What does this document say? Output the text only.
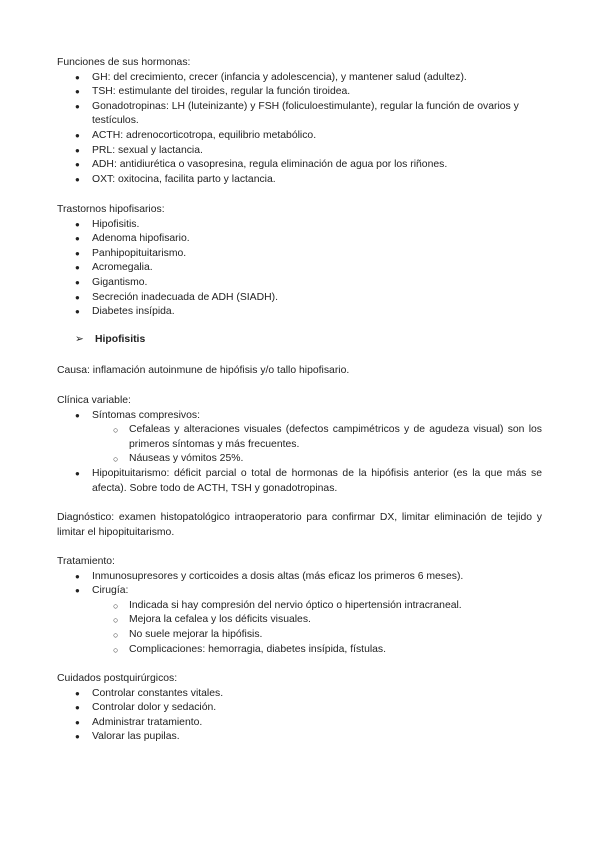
Funciones de sus hormonas:

● GH: del crecimiento, crecer (infancia y adolescencia), y mantener salud (adultez).
● TSH: estimulante del tiroides, regular la función tiroidea.
● Gonadotropinas: LH (luteinizante) y FSH (foliculoestimulante), regular la función de ovarios y testículos.
● ACTH: adrenocorticotropa, equilibrio metabólico.
● PRL: sexual y lactancia.
● ADH: antidiurética o vasopresina, regula eliminación de agua por los riñones.
● OXT: oxitocina, facilita parto y lactancia.

Trastornos hipofisarios:

● Hipofisitis.
● Adenoma hipofisario.
● Panhipopituitarismo.
● Acromegalia.
● Gigantismo.
● Secreción inadecuada de ADH (SIADH).
● Diabetes insípida.
➢ Hipofisitis

Causa: inflamación autoinmune de hipófisis y/o tallo hipofisario.

Clínica variable:

● Síntomas compresivos:
○ Cefaleas y alteraciones visuales (defectos campimétricos y de agudeza visual) son los primeros síntomas y más frecuentes.
○ Náuseas y vómitos 25%.
● Hipopituitarismo: déficit parcial o total de hormonas de la hipófisis anterior (es la que más se afecta). Sobre todo de ACTH, TSH y gonadotropinas.

Diagnóstico: examen histopatológico intraoperatorio para confirmar DX, limitar eliminación de tejido y limitar el hipopituitarismo.

Tratamiento:

● Inmunosupresores y corticoides a dosis altas (más eficaz los primeros 6 meses).
● Cirugía:
○ Indicada si hay compresión del nervio óptico o hipertensión intracraneal.
○ Mejora la cefalea y los déficits visuales.
○ No suele mejorar la hipófisis.
○ Complicaciones: hemorragia, diabetes insípida, fístulas.

Cuidados postquirúrgicos:

● Controlar constantes vitales.
● Controlar dolor y sedación.
● Administrar tratamiento.
● Valorar las pupilas.
